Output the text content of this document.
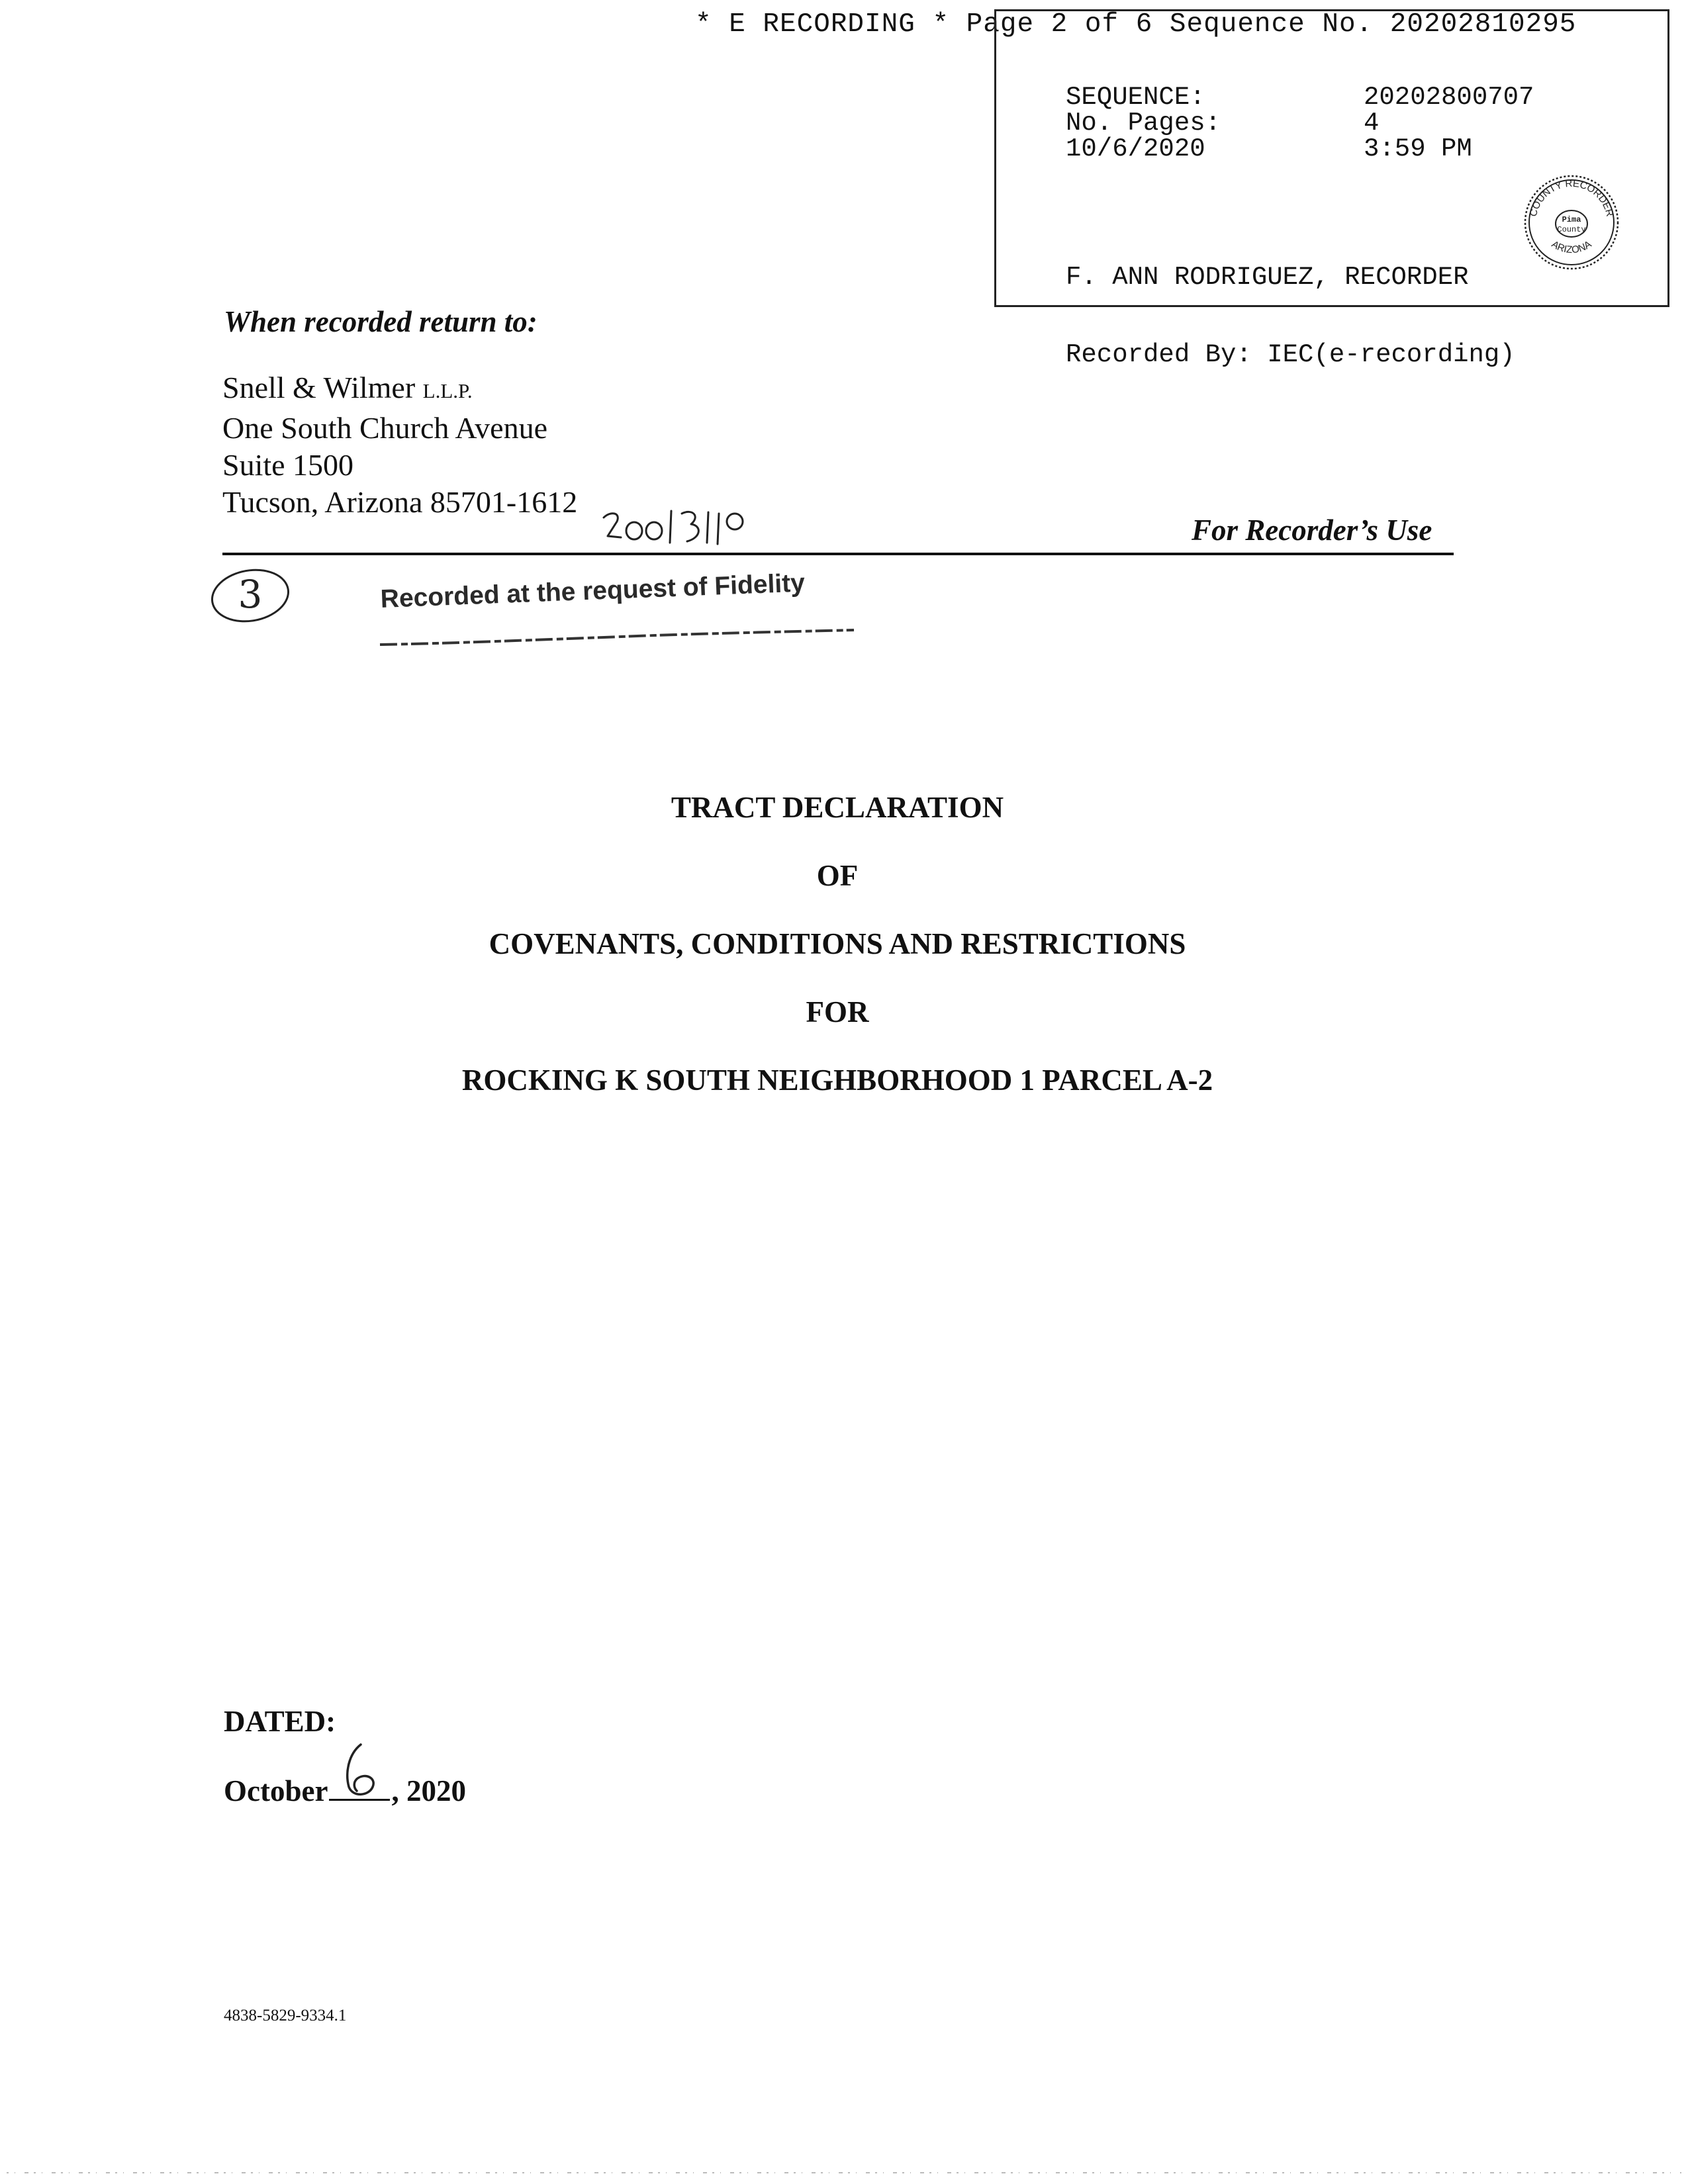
* E RECORDING * Page 2 of 6 Sequence No. 20202810295
SEQUENCE:	20202800707
No. Pages:	4
10/6/2020	3:59 PM

F. ANN RODRIGUEZ, RECORDER

Recorded By: IEC(e-recording)

COUNTY RECORDER
ARIZONA
Pima
County
When recorded return to:
Snell & Wilmer L.L.P.
One South Church Avenue
Suite 1500
Tucson, Arizona 85701-1612
For Recorder’s Use
3	Recorded at the request of Fidelity
TRACT DECLARATION
OF
COVENANTS, CONDITIONS AND RESTRICTIONS
FOR
ROCKING K SOUTH NEIGHBORHOOD 1 PARCEL A-2
DATED:
October , 2020
4838-5829-9334.1
